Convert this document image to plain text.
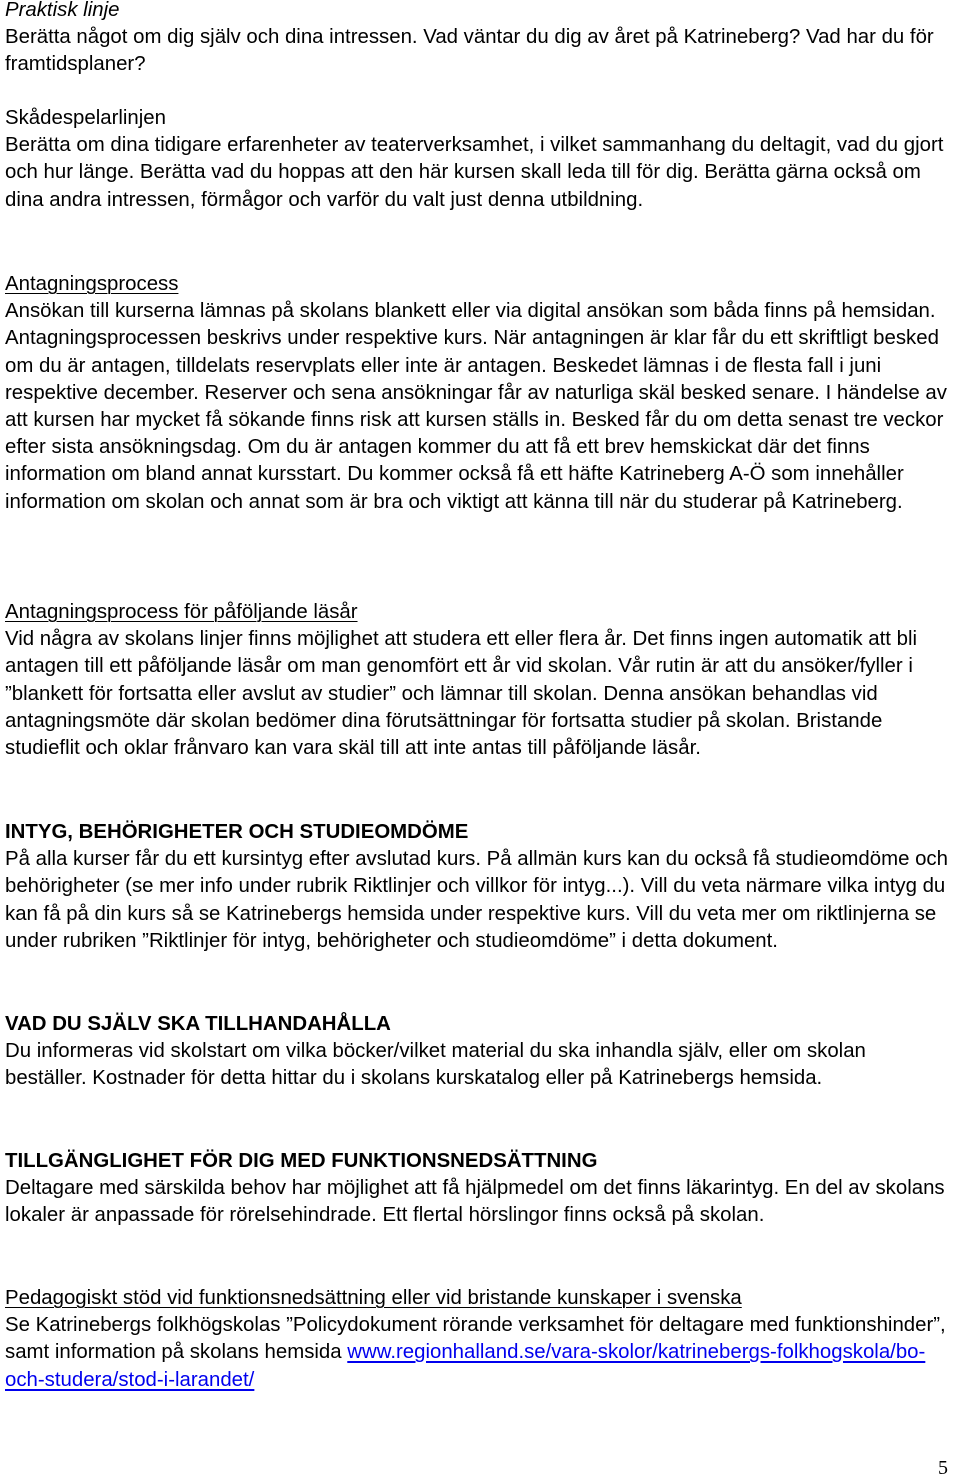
Praktisk linje

Berätta något om dig själv och dina intressen. Vad väntar du dig av året på Katrineberg? Vad har du för framtidsplaner?

Skådespelarlinjen

Berätta om dina tidigare erfarenheter av teaterverksamhet, i vilket sammanhang du deltagit, vad du gjort och hur länge. Berätta vad du hoppas att den här kursen skall leda till för dig. Berätta gärna också om dina andra intressen, förmågor och varför du valt just denna utbildning.

Antagningsprocess

Ansökan till kurserna lämnas på skolans blankett eller via digital ansökan som båda finns på hemsidan. Antagningsprocessen beskrivs under respektive kurs. När antagningen är klar får du ett skriftligt besked om du är antagen, tilldelats reservplats eller inte är antagen. Beskedet lämnas i de flesta fall i juni respektive december. Reserver och sena ansökningar får av naturliga skäl besked senare. I händelse av att kursen har mycket få sökande finns risk att kursen ställs in. Besked får du om detta senast tre veckor efter sista ansökningsdag. Om du är antagen kommer du att få ett brev hemskickat där det finns information om bland annat kursstart. Du kommer också få ett häfte Katrineberg A-Ö som innehåller information om skolan och annat som är bra och viktigt att känna till när du studerar på Katrineberg.

Antagningsprocess för påföljande läsår

Vid några av skolans linjer finns möjlighet att studera ett eller flera år. Det finns ingen automatik att bli antagen till ett påföljande läsår om man genomfört ett år vid skolan. Vår rutin är att du ansöker/fyller i ”blankett för fortsatta eller avslut av studier” och lämnar till skolan. Denna ansökan behandlas vid antagningsmöte där skolan bedömer dina förutsättningar för fortsatta studier på skolan. Bristande studieflit och oklar frånvaro kan vara skäl till att inte antas till påföljande läsår.

INTYG, BEHÖRIGHETER OCH STUDIEOMDÖME

På alla kurser får du ett kursintyg efter avslutad kurs. På allmän kurs kan du också få studieomdöme och behörigheter (se mer info under rubrik Riktlinjer och villkor för intyg...). Vill du veta närmare vilka intyg du kan få på din kurs så se Katrinebergs hemsida under respektive kurs. Vill du veta mer om riktlinjerna se under rubriken ”Riktlinjer för intyg, behörigheter och studieomdöme” i detta dokument.

VAD DU SJÄLV SKA TILLHANDAHÅLLA

Du informeras vid skolstart om vilka böcker/vilket material du ska inhandla själv, eller om skolan beställer. Kostnader för detta hittar du i skolans kurskatalog eller på Katrinebergs hemsida.

TILLGÄNGLIGHET FÖR DIG MED FUNKTIONSNEDSÄTTNING

Deltagare med särskilda behov har möjlighet att få hjälpmedel om det finns läkarintyg. En del av skolans lokaler är anpassade för rörelsehindrade. Ett flertal hörslingor finns också på skolan.

Pedagogiskt stöd vid funktionsnedsättning eller vid bristande kunskaper i svenska

Se Katrinebergs folkhögskolas ”Policydokument rörande verksamhet för deltagare med funktionshinder”, samt information på skolans hemsida www.regionhalland.se/vara-skolor/katrinebergs-folkhogskola/bo-och-studera/stod-i-larandet/

5
